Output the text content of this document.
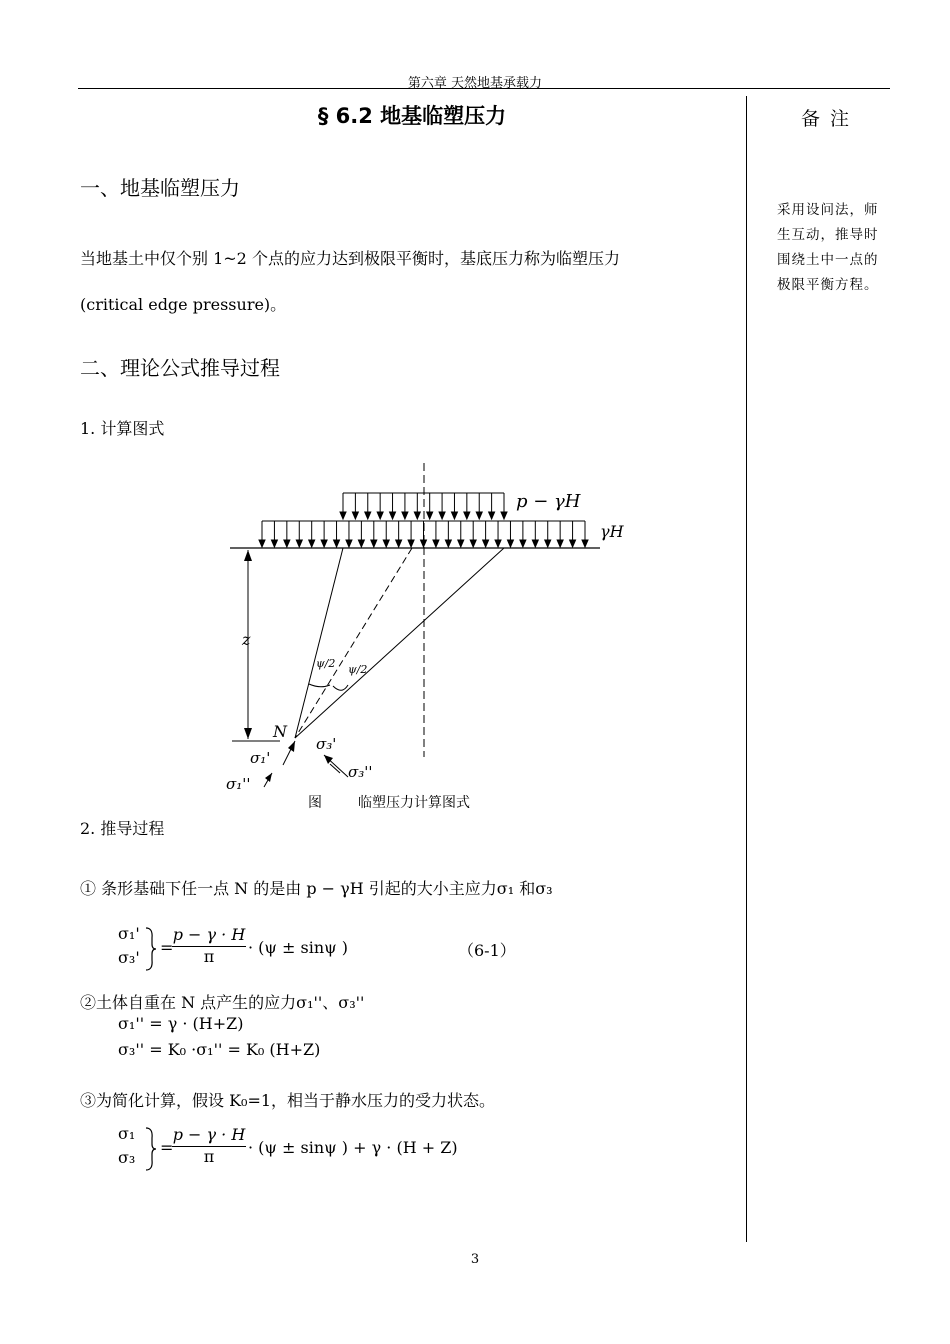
第六章 天然地基承载力
§ 6.2 地基临塑压力	备注
采用设问法，师生互动，推导时围绕土中一点的极限平衡方程。
一、地基临塑压力
当地基土中仅个别 1~2 个点的应力达到极限平衡时，基底压力称为临塑压力
(critical edge pressure)。
二、理论公式推导过程
1. 计算图式
p − γH
γH
z
ψ/2 ψ/2
N
σ₁'
σ₁''
σ₃'
σ₃''
图	临塑压力计算图式
2. 推导过程
① 条形基础下任一点 N 的是由 p − γH 引起的大小主应力σ₁ 和σ₃
σ₁'
σ₃'
=
p − γ · H
π	· (ψ ± sinψ )	（6-1）
②土体自重在 N 点产生的应力σ₁''、σ₃''
σ₁'' = γ · (H+Z)
σ₃'' = K₀ ·σ₁'' = K₀ (H+Z)
③为简化计算，假设 K₀=1，相当于静水压力的受力状态。
σ₁
σ₃
=
p − γ · H
π	· (ψ ± sinψ ) + γ · (H + Z)
3
